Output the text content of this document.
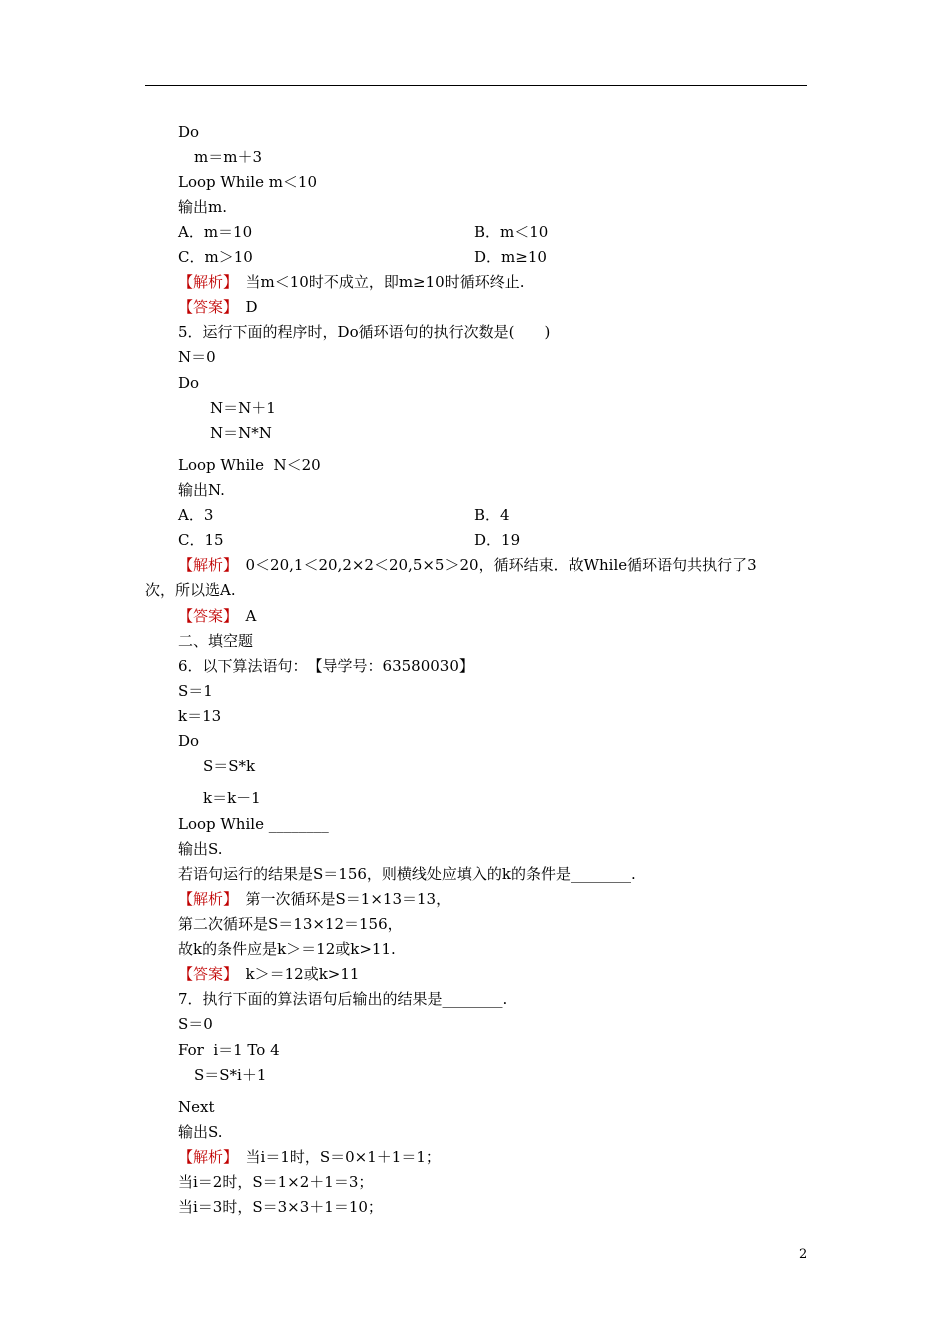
Do
m＝m＋3
Loop While m＜10
输出m.
A．m＝10	B．m＜10
C．m＞10	D．m≥10
【解析】　当m＜10时不成立，即m≥10时循环终止.
【答案】　D
5．运行下面的程序时，Do循环语句的执行次数是(　　)
N＝0
Do
N＝N＋1
N＝N*N
Loop While  N＜20
输出N.
A．3	B．4
C．15	D．19
【解析】　0＜20,1＜20,2×2＜20,5×5＞20，循环结束．故While循环语句共执行了3
次，所以选A.
【答案】　A
二、填空题
6．以下算法语句：　【导学号：63580030】
S＝1
k＝13
Do
S＝S*k
k＝k－1
Loop While ________
输出S.
若语句运行的结果是S＝156，则横线处应填入的k的条件是________.
【解析】　第一次循环是S＝1×13＝13，
第二次循环是S＝13×12＝156，
故k的条件应是k＞＝12或k>11.
【答案】　k＞＝12或k>11
7．执行下面的算法语句后输出的结果是________.
S＝0
For  i＝1 To 4
S＝S*i＋1
Next
输出S.
【解析】　当i＝1时，S＝0×1＋1＝1；
当i＝2时，S＝1×2＋1＝3；
当i＝3时，S＝3×3＋1＝10；
2
